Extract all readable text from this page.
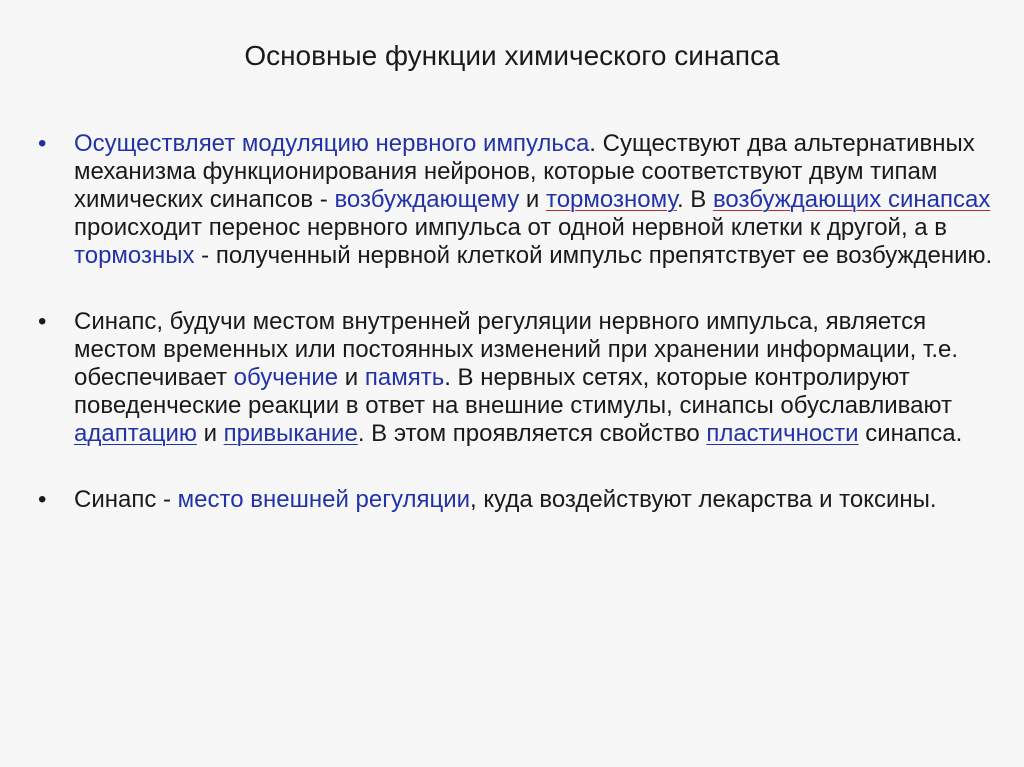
Основные функции химического синапса
•	Осуществляет модуляцию нервного импульса. Существуют два альтернативных механизма функционирования нейронов, которые соответствуют двум типам химических синапсов - возбуждающему и тормозному. В возбуждающих синапсах происходит перенос нервного импульса от одной нервной клетки к другой, а в тормозных - полученный нервной клеткой импульс препятствует ее возбуждению.
•	Синапс, будучи местом внутренней регуляции нервного импульса, является местом временных или постоянных изменений при хранении информации, т.е. обеспечивает обучение и память. В нервных сетях, которые контролируют поведенческие реакции в ответ на внешние стимулы, синапсы обуславливают адаптацию и привыкание. В этом проявляется свойство пластичности синапса.
•	Синапс - место внешней регуляции, куда воздействуют лекарства и токсины.
